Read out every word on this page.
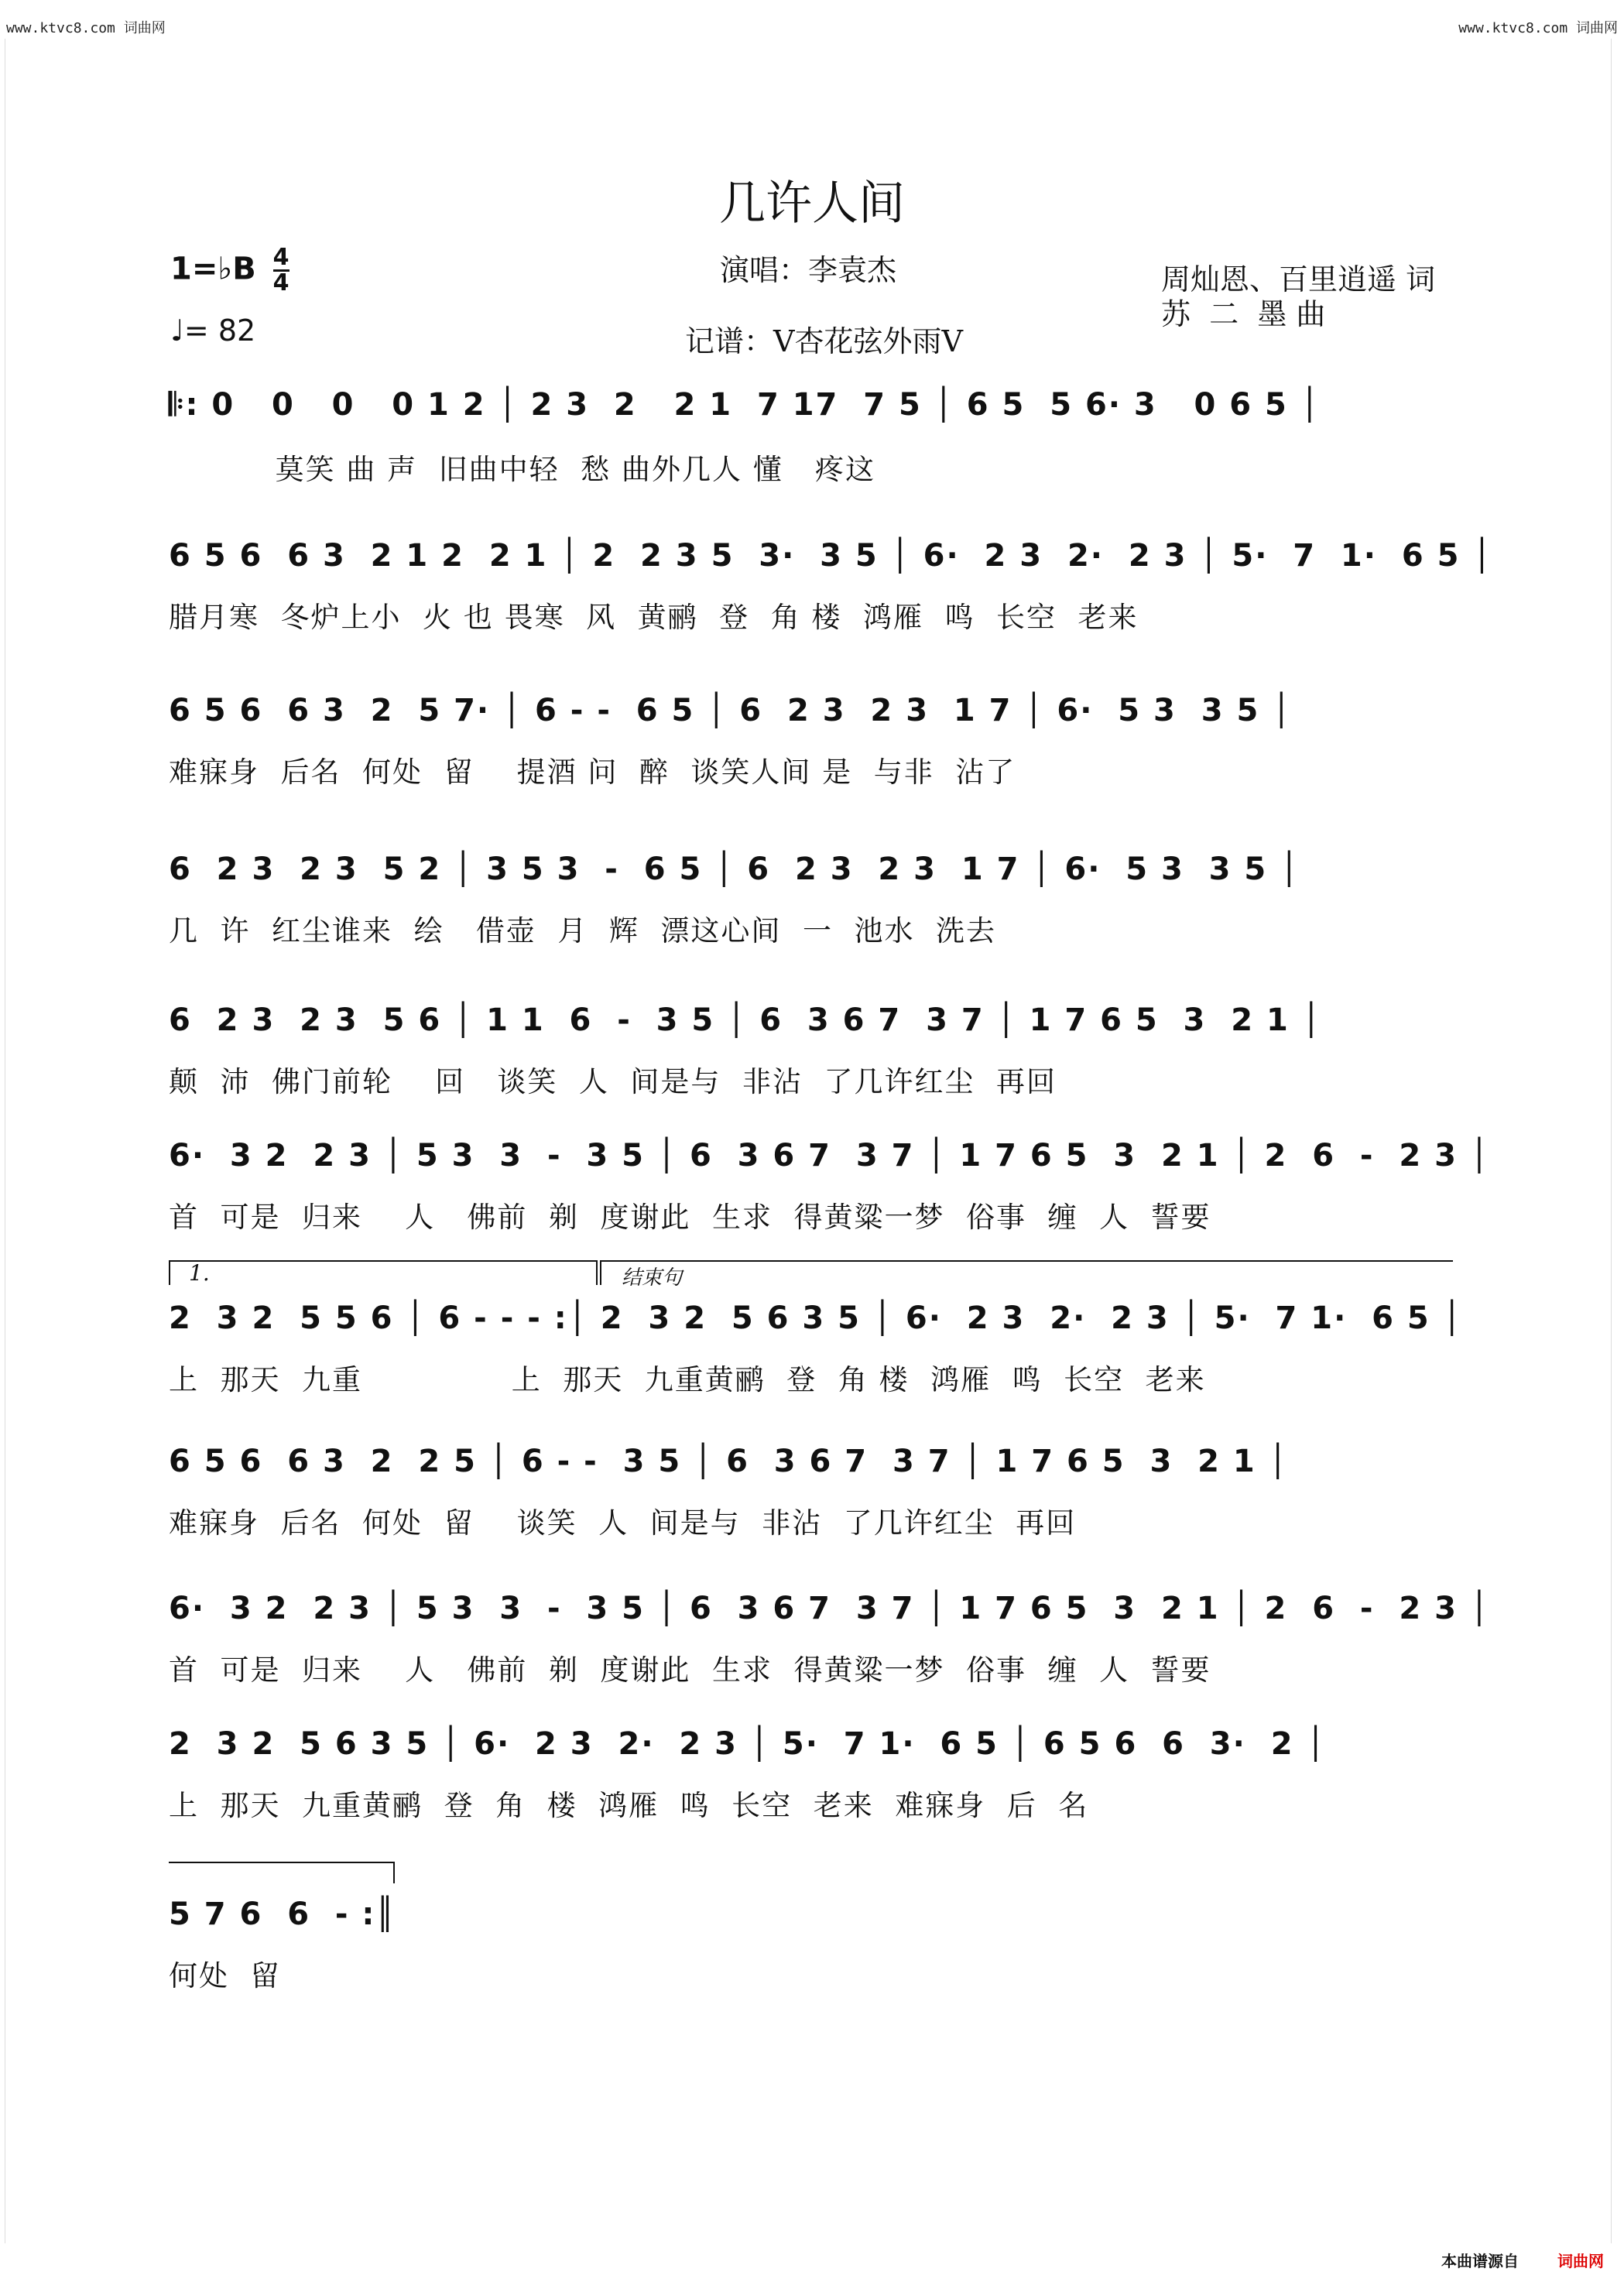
www.ktvc8.com 词曲网	www.ktvc8.com 词曲网
几许人间
1=♭B $\frac{4}{4}$
♩= 82
演唱：李袁杰
记谱：V杏花弦外雨V
周灿恩、百里逍遥 词
苏  二  墨 曲
𝄆: 0   0   0   0 1 2 │ 2 3  2   2 1  7 17  7 5 │ 6 5  5 6· 3   0 6 5 │
莫笑 曲 声  旧曲中轻  愁 曲外几人 懂   疼这
6 5 6  6 3  2 1 2  2 1 │ 2  2 3 5  3·  3 5 │ 6·  2 3  2·  2 3 │ 5·  7  1·  6 5 │
腊月寒  冬炉上小  火 也 畏寒  风  黄鹂  登  角 楼  鸿雁  鸣  长空  老来
6 5 6  6 3  2  5 7· │ 6 - -  6 5 │ 6  2 3  2 3  1 7 │ 6·  5 3  3 5 │
难寐身  后名  何处  留    提酒 问  醉  谈笑人间 是  与非  沾了
6  2 3  2 3  5 2 │ 3 5 3  -  6 5 │ 6  2 3  2 3  1 7 │ 6·  5 3  3 5 │
几  许  红尘谁来  绘   借壶  月  辉  漂这心间  一  池水  洗去
6  2 3  2 3  5 6 │ 1 1  6  -  3 5 │ 6  3 6 7  3 7 │ 1 7 6 5  3  2 1 │
颠  沛  佛门前轮    回   谈笑  人  间是与  非沾  了几许红尘  再回
6·  3 2  2 3 │ 5 3  3  -  3 5 │ 6  3 6 7  3 7 │ 1 7 6 5  3  2 1 │ 2  6  -  2 3 │
首  可是  归来    人   佛前  剃  度谢此  生求  得黄粱一梦  俗事  缠  人  誓要
1.	结束句
2  3 2  5 5 6 │ 6 - - - :│ 2  3 2  5 6 3 5 │ 6·  2 3  2·  2 3 │ 5·  7 1·  6 5 │
上  那天  九重              上  那天  九重黄鹂  登  角 楼  鸿雁  鸣  长空  老来
6 5 6  6 3  2  2 5 │ 6 - -  3 5 │ 6  3 6 7  3 7 │ 1 7 6 5  3  2 1 │
难寐身  后名  何处  留    谈笑  人  间是与  非沾  了几许红尘  再回
6·  3 2  2 3 │ 5 3  3  -  3 5 │ 6  3 6 7  3 7 │ 1 7 6 5  3  2 1 │ 2  6  -  2 3 │
首  可是  归来    人   佛前  剃  度谢此  生求  得黄粱一梦  俗事  缠  人  誓要
2  3 2  5 6 3 5 │ 6·  2 3  2·  2 3 │ 5·  7 1·  6 5 │ 6 5 6  6  3·  2 │
上  那天  九重黄鹂  登  角  楼  鸿雁  鸣  长空  老来  难寐身  后  名
5 7 6  6  - :║
何处  留
本曲谱源自	词曲网
